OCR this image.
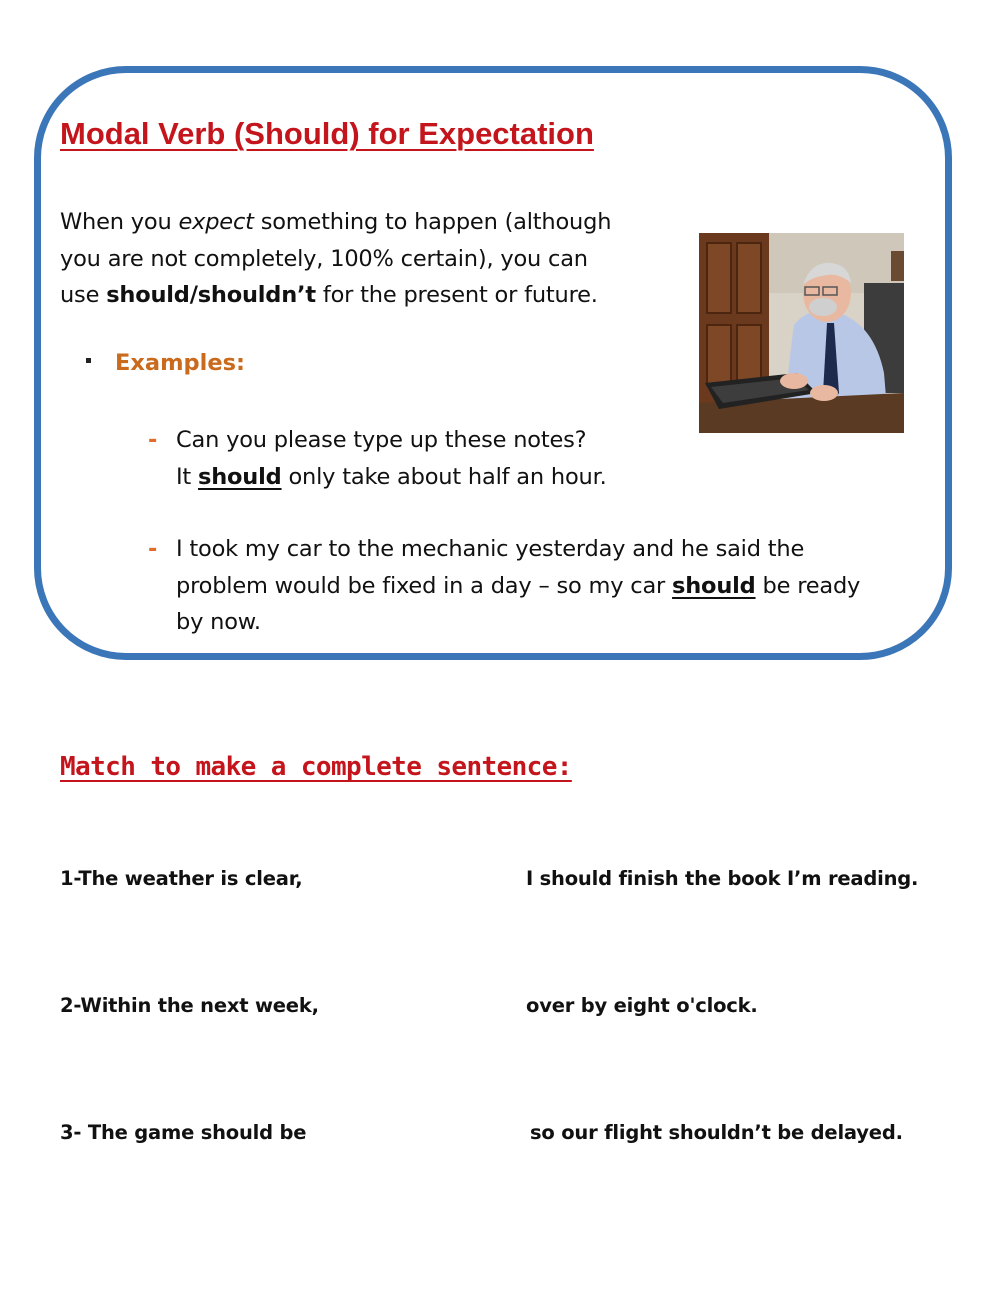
Modal Verb (Should) for Expectation

When you expect something to happen (although
you are not completely, 100% certain), you can
use should/shouldn’t for the present or future.

Examples:
- Can you please type up these notes?
It should only take about half an hour.
- I took my car to the mechanic yesterday and he said the
problem would be fixed in a day – so my car should be ready
by now.
Match to make a complete sentence:
1-The weather is clear,	I should finish the book I’m reading.
2-Within the next week,	over by eight o'clock.
3- The game should be	so our flight shouldn’t be delayed.
